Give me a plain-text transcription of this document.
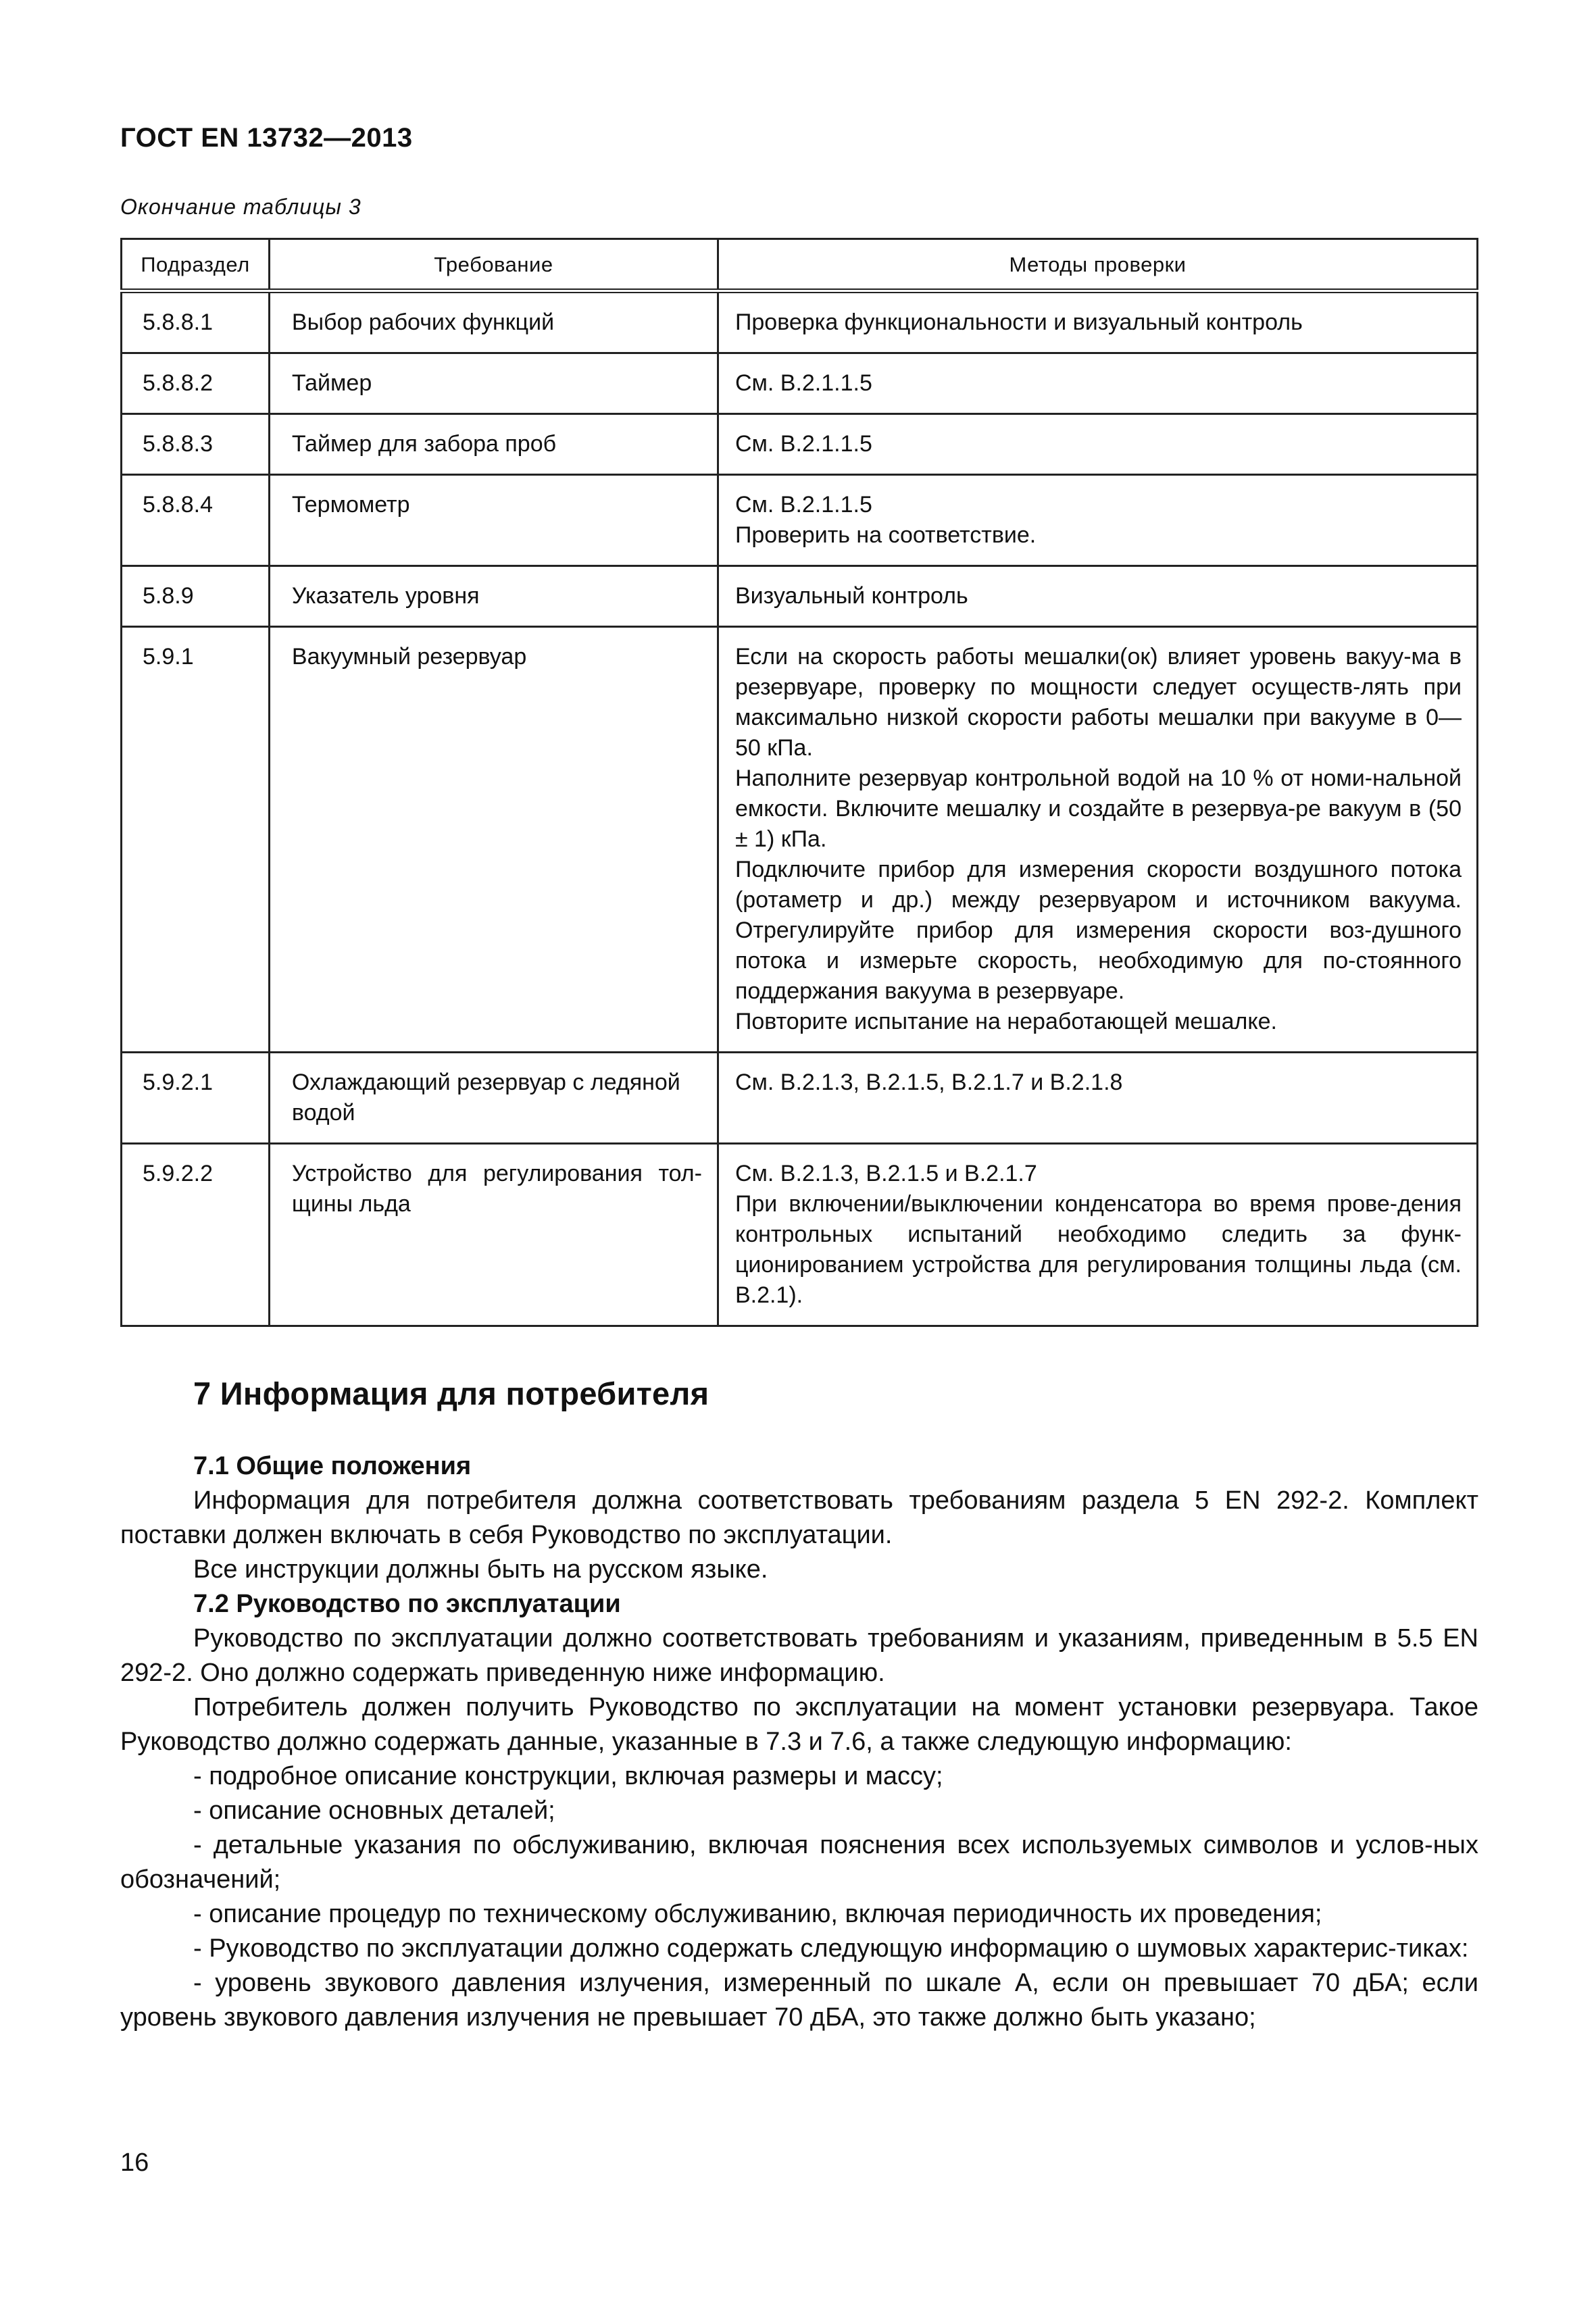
ГОСТ EN 13732—2013
Окончание таблицы 3
Подраздел	Требование	Методы проверки
5.8.8.1	Выбор рабочих функций	Проверка функциональности и визуальный контроль

5.8.8.2	Таймер	См. В.2.1.1.5

5.8.8.3	Таймер для забора проб	См. В.2.1.1.5

5.8.8.4	Термометр	См. В.2.1.1.5
Проверить на соответствие.

5.8.9	Указатель уровня	Визуальный контроль

5.9.1	Вакуумный резервуар	Если на скорость работы мешалки(ок) влияет уровень вакуу-ма в резервуаре, проверку по мощности следует осуществ-лять при максимально низкой скорости работы мешалки при вакууме в 0—50 кПа.
Наполните резервуар контрольной водой на 10 % от номи-нальной емкости. Включите мешалку и создайте в резервуа-ре вакуум в (50 ± 1) кПа.
Подключите прибор для измерения скорости воздушного потока (ротаметр и др.) между резервуаром и источником вакуума. Отрегулируйте прибор для измерения скорости воз-душного потока и измерьте скорость, необходимую для по-стоянного поддержания вакуума в резервуаре.
Повторите испытание на неработающей мешалке.

5.9.2.1	Охлаждающий резервуар с ледяной водой	См. В.2.1.3, В.2.1.5, В.2.1.7 и В.2.1.8

5.9.2.2	Устройство для регулирования тол-щины льда	См. В.2.1.3, В.2.1.5 и В.2.1.7
При включении/выключении конденсатора во время прове-дения контрольных испытаний необходимо следить за функ-ционированием устройства для регулирования толщины льда (см. В.2.1).
7 Информация для потребителя
7.1 Общие положения
Информация для потребителя должна соответствовать требованиям раздела 5 EN 292-2. Комплект поставки должен включать в себя Руководство по эксплуатации.
Все инструкции должны быть на русском языке.
7.2 Руководство по эксплуатации
Руководство по эксплуатации должно соответствовать требованиям и указаниям, приведенным в 5.5 EN 292-2. Оно должно содержать приведенную ниже информацию.
Потребитель должен получить Руководство по эксплуатации на момент установки резервуара. Такое Руководство должно содержать данные, указанные в 7.3 и 7.6, а также следующую информацию:
- подробное описание конструкции, включая размеры и массу;
- описание основных деталей;
- детальные указания по обслуживанию, включая пояснения всех используемых символов и услов-ных обозначений;
- описание процедур по техническому обслуживанию, включая периодичность их проведения;
- Руководство по эксплуатации должно содержать следующую информацию о шумовых характерис-тиках:
- уровень звукового давления излучения, измеренный по шкале А, если он превышает 70 дБА; если уровень звукового давления излучения не превышает 70 дБА, это также должно быть указано;
16
